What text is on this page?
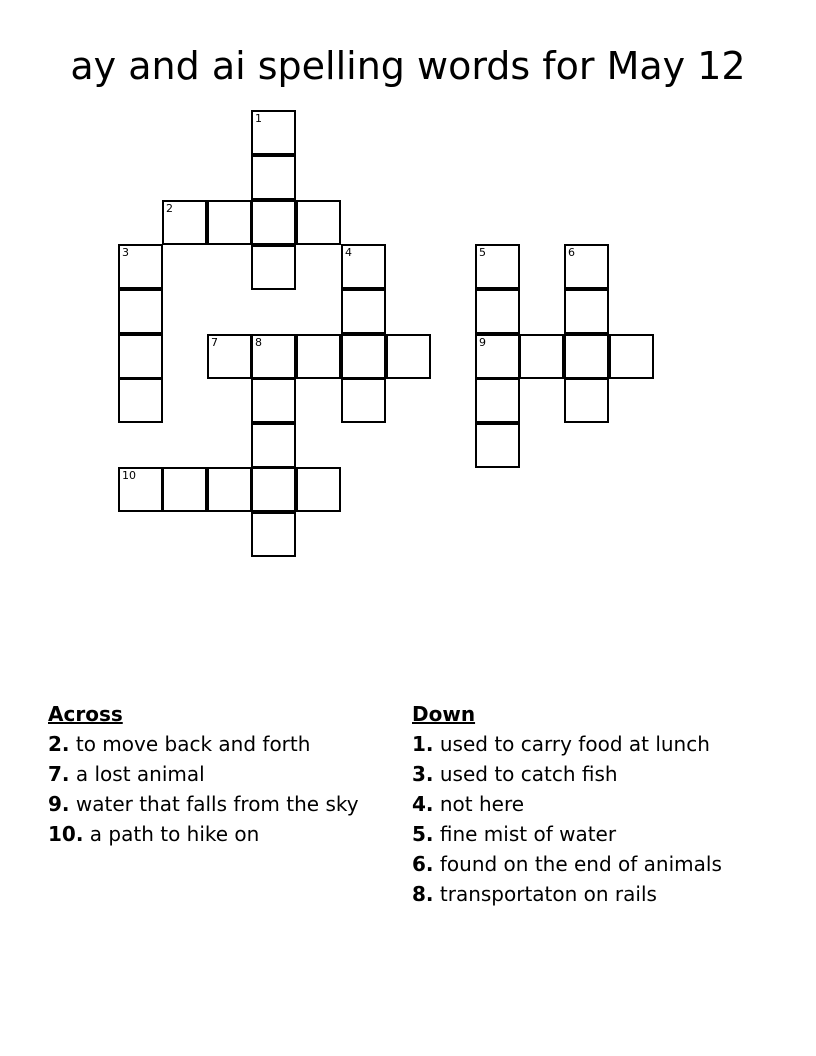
ay and ai spelling words for May 12
1
2
3	4
7	8
10
5
9
6
Across
2. to move back and forth
7. a lost animal
9. water that falls from the sky
10. a path to hike on
Down
1. used to carry food at lunch
3. used to catch fish
4. not here
5. fine mist of water
6. found on the end of animals
8. transportaton on rails
